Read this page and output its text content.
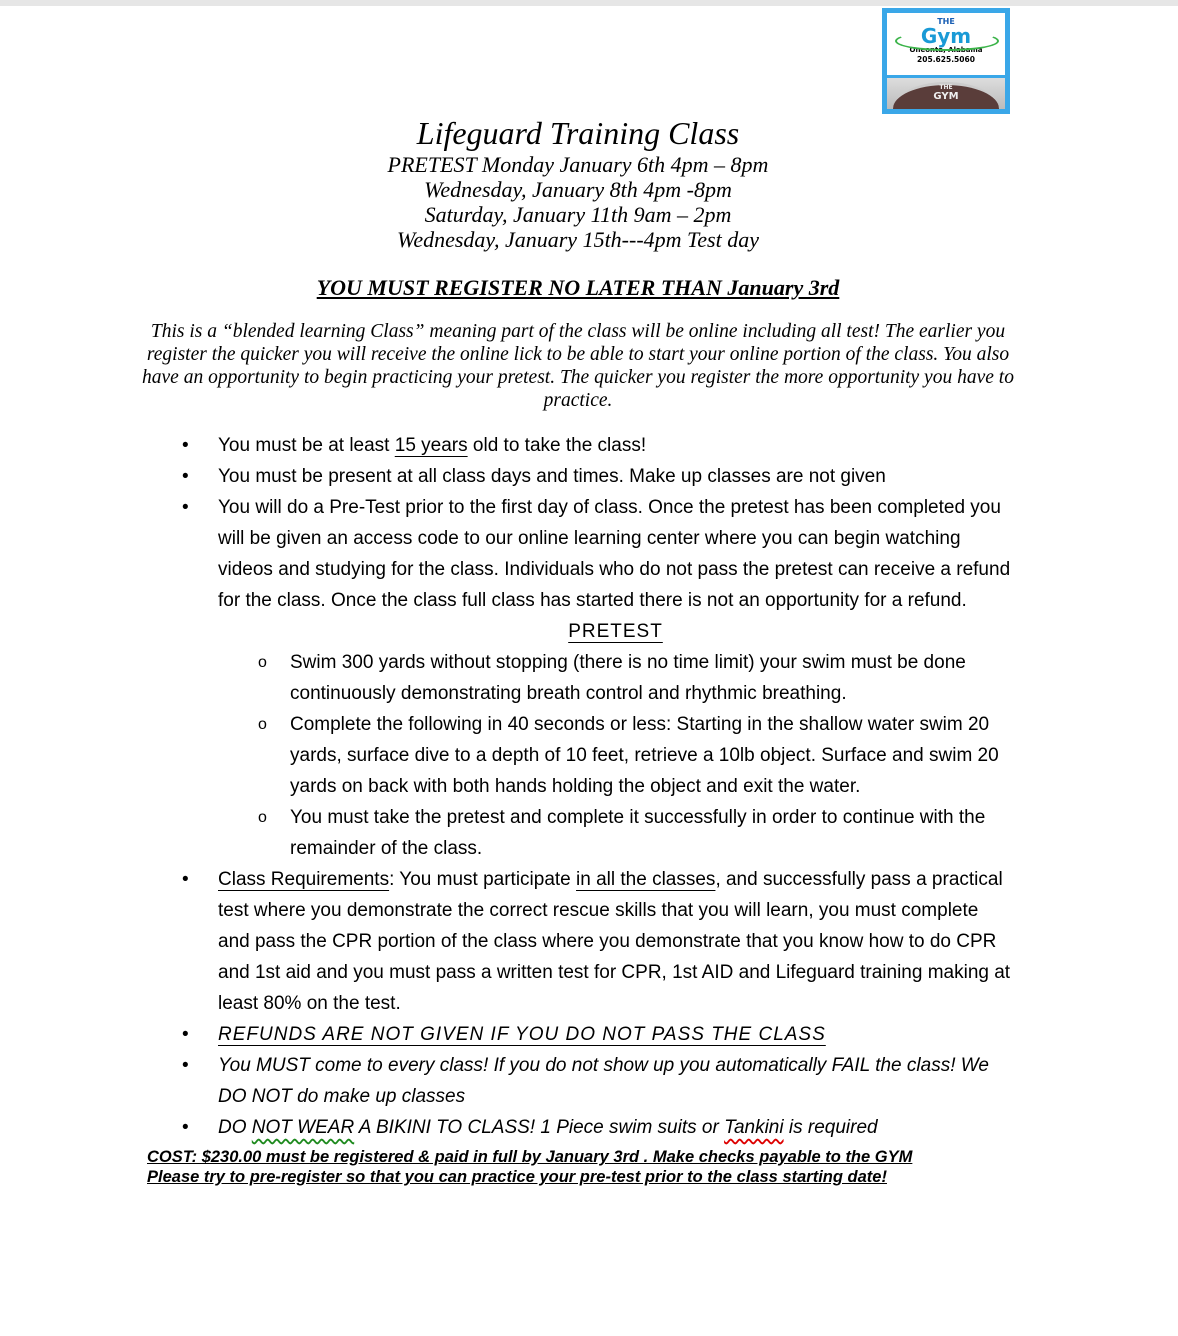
THE
Gym
Oneonta, Alabama
205.625.5060
THE
GYM
Lifeguard Training Class
PRETEST Monday January 6th 4pm – 8pm
Wednesday, January 8th 4pm -8pm
Saturday, January 11th 9am – 2pm
Wednesday, January 15th---4pm Test day
YOU MUST REGISTER NO LATER THAN January 3rd
This is a “blended learning Class” meaning part of the class will be online including all test! The earlier you register the quicker you will receive the online lick to be able to start your online portion of the class. You also have an opportunity to begin practicing your pretest. The quicker you register the more opportunity you have to practice.

• You must be at least 15 years old to take the class!

• You must be present at all class days and times. Make up classes are not given

• You will do a Pre-Test prior to the first day of class. Once the pretest has been completed you will be given an access code to our online learning center where you can begin watching videos and studying for the class. Individuals who do not pass the pretest can receive a refund for the class. Once the class full class has started there is not an opportunity for a refund.

PRETEST

o Swim 300 yards without stopping (there is no time limit) your swim must be done continuously demonstrating breath control and rhythmic breathing.

o Complete the following in 40 seconds or less: Starting in the shallow water swim 20 yards, surface dive to a depth of 10 feet, retrieve a 10lb object. Surface and swim 20 yards on back with both hands holding the object and exit the water.

o You must take the pretest and complete it successfully in order to continue with the remainder of the class.

• Class Requirements: You must participate in all the classes, and successfully pass a practical test where you demonstrate the correct rescue skills that you will learn, you must complete and pass the CPR portion of the class where you demonstrate that you know how to do CPR and 1st aid and you must pass a written test for CPR, 1st AID and Lifeguard training making at least 80% on the test.

• REFUNDS ARE NOT GIVEN IF YOU DO NOT PASS THE CLASS

• You MUST come to every class! If you do not show up you automatically FAIL the class! We DO NOT do make up classes

• DO NOT WEAR A BIKINI TO CLASS! 1 Piece swim suits or Tankini is required

COST: $230.00 must be registered & paid in full by January 3rd . Make checks payable to the GYM
Please try to pre-register so that you can practice your pre-test prior to the class starting date!
